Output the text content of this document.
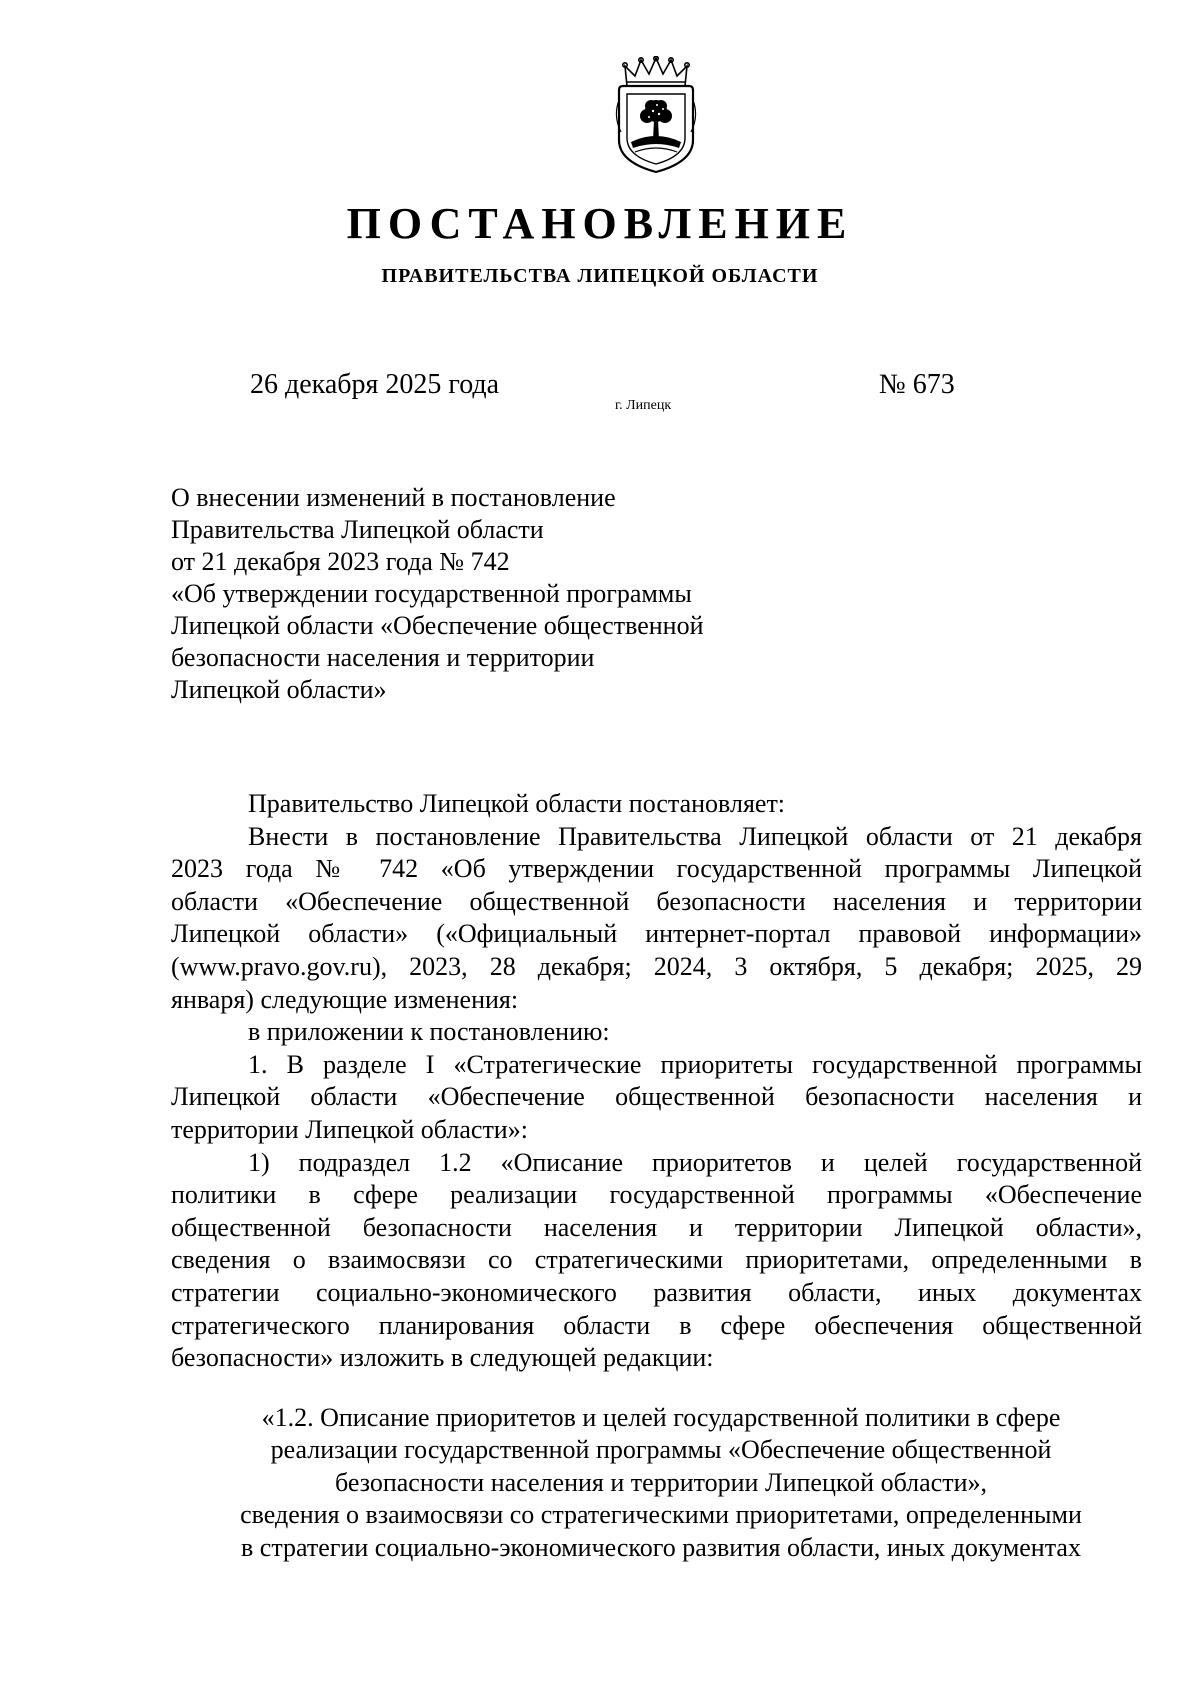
ПОСТАНОВЛЕНИЕ
ПРАВИТЕЛЬСТВА ЛИПЕЦКОЙ ОБЛАСТИ
26 декабря 2025 года
г. Липецк
№ 673
О внесении изменений в постановление
Правительства Липецкой области
от 21 декабря 2023 года № 742
«Об утверждении государственной программы
Липецкой области «Обеспечение общественной
безопасности населения и территории
Липецкой области»
Правительство Липецкой области постановляет:
Внести в постановление Правительства Липецкой области от 21 декабря
2023 года № 742 «Об утверждении государственной программы Липецкой
области «Обеспечение общественной безопасности населения и территории
Липецкой области» («Официальный интернет-портал правовой информации»
(www.pravo.gov.ru), 2023, 28 декабря; 2024, 3 октября, 5 декабря; 2025, 29
января) следующие изменения:
в приложении к постановлению:
1. В разделе I «Стратегические приоритеты государственной программы
Липецкой области «Обеспечение общественной безопасности населения и
территории Липецкой области»:
1) подраздел 1.2 «Описание приоритетов и целей государственной
политики в сфере реализации государственной программы «Обеспечение
общественной безопасности населения и территории Липецкой области»,
сведения о взаимосвязи со стратегическими приоритетами, определенными в
стратегии социально-экономического развития области, иных документах
стратегического планирования области в сфере обеспечения общественной
безопасности» изложить в следующей редакции:
«1.2. Описание приоритетов и целей государственной политики в сфере
реализации государственной программы «Обеспечение общественной
безопасности населения и территории Липецкой области»,
сведения о взаимосвязи со стратегическими приоритетами, определенными
в стратегии социально-экономического развития области, иных документах
